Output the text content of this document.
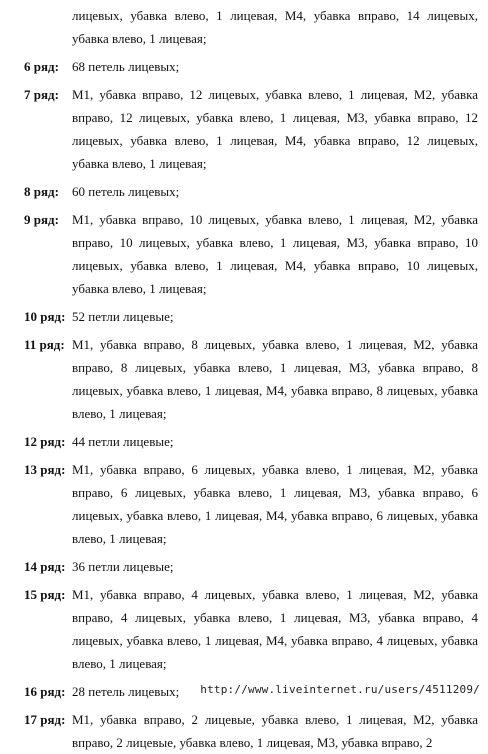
лицевых, убавка влево, 1 лицевая, М4, убавка вправо, 14 лицевых,
убавка влево, 1 лицевая;
6 ряд:	68 петель лицевых;
7 ряд:	М1, убавка вправо, 12 лицевых, убавка влево, 1 лицевая, М2, убавка
вправо, 12 лицевых, убавка влево, 1 лицевая, М3, убавка вправо, 12
лицевых, убавка влево, 1 лицевая, М4, убавка вправо, 12 лицевых,
убавка влево, 1 лицевая;
8 ряд:	60 петель лицевых;
9 ряд:	М1, убавка вправо, 10 лицевых, убавка влево, 1 лицевая, М2, убавка
вправо, 10 лицевых, убавка влево, 1 лицевая, М3, убавка вправо, 10
лицевых, убавка влево, 1 лицевая, М4, убавка вправо, 10 лицевых,
убавка влево, 1 лицевая;
10 ряд: 52 петли лицевые;
11 ряд: М1, убавка вправо, 8 лицевых, убавка влево, 1 лицевая, М2, убавка
вправо, 8 лицевых, убавка влево, 1 лицевая, М3, убавка вправо, 8
лицевых, убавка влево, 1 лицевая, М4, убавка вправо, 8 лицевых, убавка
влево, 1 лицевая;
12 ряд: 44 петли лицевые;
13 ряд: М1, убавка вправо, 6 лицевых, убавка влево, 1 лицевая, М2, убавка
вправо, 6 лицевых, убавка влево, 1 лицевая, М3, убавка вправо, 6
лицевых, убавка влево, 1 лицевая, М4, убавка вправо, 6 лицевых, убавка
влево, 1 лицевая;
14 ряд: 36 петли лицевые;
15 ряд: М1, убавка вправо, 4 лицевых, убавка влево, 1 лицевая, М2, убавка
вправо, 4 лицевых, убавка влево, 1 лицевая, М3, убавка вправо, 4
лицевых, убавка влево, 1 лицевая, М4, убавка вправо, 4 лицевых, убавка
влево, 1 лицевая;
16 ряд: 28 петель лицевых;
17 ряд: М1, убавка вправо, 2 лицевые, убавка влево, 1 лицевая, М2, убавка
вправо, 2 лицевые, убавка влево, 1 лицевая, М3, убавка вправо, 2
http://www.liveinternet.ru/users/4511209/
